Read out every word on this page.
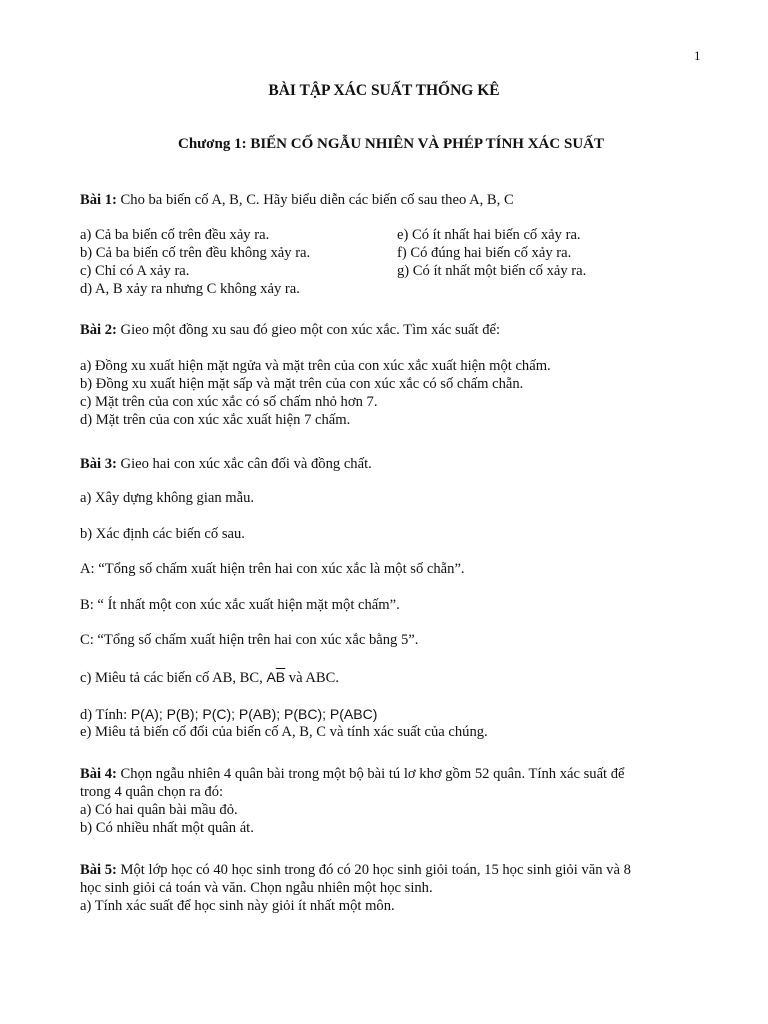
1
BÀI TẬP XÁC SUẤT THỐNG KÊ
Chương 1: BIẾN CỐ NGẪU NHIÊN VÀ PHÉP TÍNH XÁC SUẤT
Bài 1: Cho ba biến cố A, B, C. Hãy biểu diễn các biến cố sau theo A, B, C
a) Cả ba biến cố trên đều xảy ra.
b) Cả ba biến cố trên đều không xảy ra.
c) Chỉ có A xảy ra.
d) A, B xảy ra nhưng C không xảy ra.
e) Có ít nhất hai biến cố xảy ra.
f) Có đúng hai biến cố xảy ra.
g) Có ít nhất một biến cố xảy ra.
Bài 2: Gieo một đồng xu sau đó gieo một con xúc xắc. Tìm xác suất để:
a) Đồng xu xuất hiện mặt ngửa và mặt trên của con xúc xắc xuất hiện một chấm.
b) Đồng xu xuất hiện mặt sấp và mặt trên của con xúc xắc có số chấm chẵn.
c) Mặt trên của con xúc xắc có số chấm nhỏ hơn 7.
d) Mặt trên của con xúc xắc xuất hiện 7 chấm.
Bài 3: Gieo hai con xúc xắc cân đối và đồng chất.
a) Xây dựng không gian mẫu.
b) Xác định các biến cố sau.
A: “Tổng số chấm xuất hiện trên hai con xúc xắc là một số chẵn”.
B: “ Ít nhất một con xúc xắc xuất hiện mặt một chấm”.
C: “Tổng số chấm xuất hiện trên hai con xúc xắc bằng 5”.
c) Miêu tả các biến cố AB, BC, $A\overline{B}$ và ABC.
d) Tính: P(A); P(B); P(C); P(AB); P(BC); P(ABC)
e) Miêu tả biến cố đối của biến cố A, B, C và tính xác suất của chúng.
Bài 4: Chọn ngẫu nhiên 4 quân bài trong một bộ bài tú lơ khơ gồm 52 quân. Tính xác suất để
trong 4 quân chọn ra đó:
a) Có hai quân bài mầu đỏ.
b) Có nhiều nhất một quân át.
Bài 5: Một lớp học có 40 học sinh trong đó có 20 học sinh giỏi toán, 15 học sinh giỏi văn và 8
học sinh giỏi cả toán và văn. Chọn ngẫu nhiên một học sinh.
a) Tính xác suất để học sinh này giỏi ít nhất một môn.
